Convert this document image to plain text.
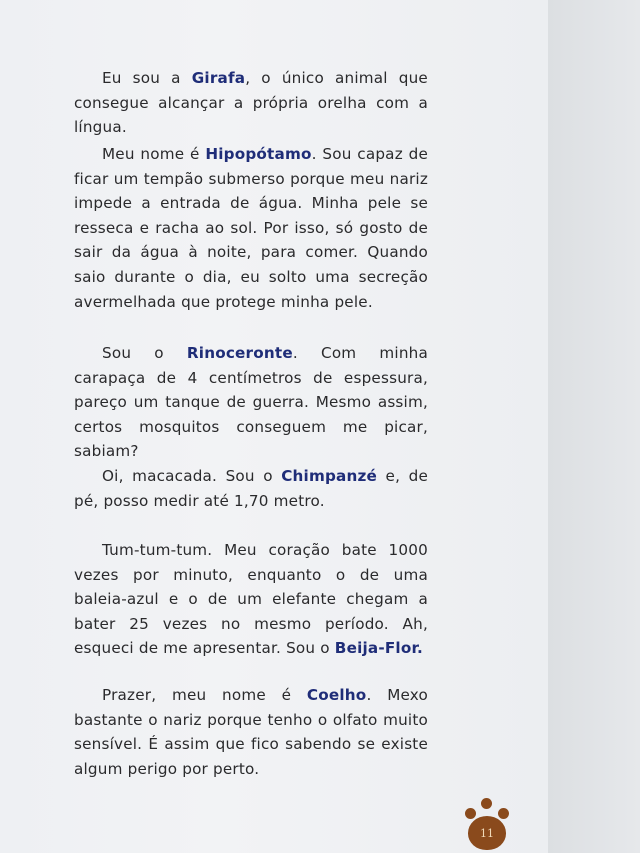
Eu sou a Girafa, o único animal que consegue alcançar a própria orelha com a língua.

Meu nome é Hipopótamo. Sou capaz de ficar um tempão submerso porque meu nariz impede a entrada de água. Minha pele se resseca e racha ao sol. Por isso, só gosto de sair da água à noite, para comer. Quando saio durante o dia, eu solto uma secreção avermelhada que protege minha pele.

Sou o Rinoceronte. Com minha carapaça de 4 centímetros de espessura, pareço um tanque de guerra. Mesmo assim, certos mosquitos conseguem me picar, sabiam?

Oi, macacada. Sou o Chimpanzé e, de pé, posso medir até 1,70 metro.

Tum-tum-tum. Meu coração bate 1000 vezes por minuto, enquanto o de uma baleia-azul e o de um elefante chegam a bater 25 vezes no mesmo período. Ah, esqueci de me apresentar. Sou o Beija-Flor.

Prazer, meu nome é Coelho. Mexo bastante o nariz porque tenho o olfato muito sensível. É assim que fico sabendo se existe algum perigo por perto.

11
